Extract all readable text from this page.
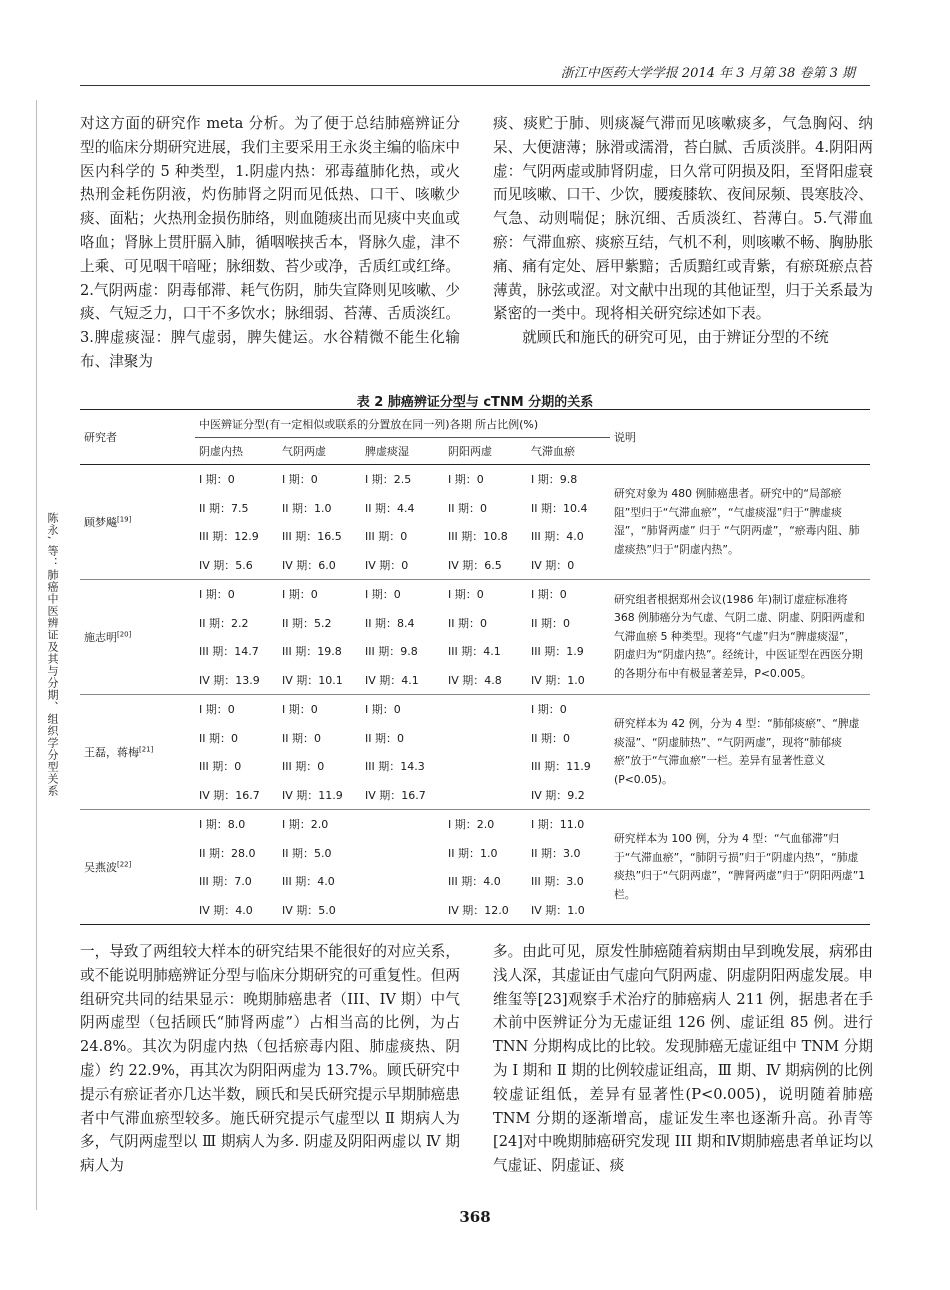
浙江中医药大学学报 2014 年 3 月第 38 卷第 3 期
陈永, 等：肺癌中医辨证及其与分期、组织学分型关系

对这方面的研究作 meta 分析。为了便于总结肺癌辨证分型的临床分期研究进展，我们主要采用王永炎主编的临床中医内科学的 5 种类型，1.阴虚内热：邪毒蕴肺化热，或火热刑金耗伤阴液，灼伤肺肾之阴而见低热、口干、咳嗽少痰、面粘；火热刑金损伤肺络，则血随痰出而见痰中夹血或咯血；肾脉上贯肝膈入肺，循咽喉挟舌本，肾脉久虚，津不上乘、可见咽干喑哑；脉细数、苔少或净，舌质红或红绛。2.气阴两虚：阴毒郁滞、耗气伤阴，肺失宣降则见咳嗽、少痰、气短乏力，口干不多饮水；脉细弱、苔薄、舌质淡红。3.脾虚痰湿：脾气虚弱，脾失健运。水谷精微不能生化输布、津聚为

痰、痰贮于肺、则痰凝气滞而见咳嗽痰多，气急胸闷、纳呆、大便溏薄；脉滑或濡滑，苔白腻、舌质淡胖。4.阴阳两虚：气阴两虚或肺肾阴虚，日久常可阴损及阳，至肾阳虚衰而见咳嗽、口干、少饮，腰痠膝软、夜间尿频、畏寒肢冷、气急、动则喘促；脉沉细、舌质淡红、苔薄白。5.气滞血瘀：气滞血瘀、痰瘀互结，气机不利，则咳嗽不畅、胸胁胀痛、痛有定处、唇甲紫黯；舌质黯红或青紫，有瘀斑瘀点苔薄黄，脉弦或涩。对文献中出现的其他证型，归于关系最为紧密的一类中。现将相关研究综述如下表。

就顾氏和施氏的研究可见，由于辨证分型的不统

表 2 肺癌辨证分型与 cTNM 分期的关系
研究者	中医辨证分型(有一定相似或联系的分置放在同一列)各期 所占比例(%)					说明
	阴虚内热	气阴两虚	脾虚痰湿	阴阳两虚	气滞血瘀	
顾梦飚[19]	I 期：0	I 期：0	I 期：2.5	I 期：0	I 期：9.8	研究对象为 480 例肺癌患者。研究中的“局部瘀阻”型归于“气滞血瘀”，“气虚痰湿”归于“脾虚痰湿”，“肺肾两虚” 归于 “气阴两虚”，“瘀毒内阻、肺虚痰热”归于“阴虚内热”。
	II 期：7.5	II 期：1.0	II 期：4.4	II 期：0	II 期：10.4	
	III 期：12.9	III 期：16.5	III 期：0	III 期：10.8	III 期：4.0	
	IV 期：5.6	IV 期：6.0	IV 期：0	IV 期：6.5	IV 期：0	
施志明[20]	I 期：0	I 期：0	I 期：0	I 期：0	I 期：0	研究组者根据郑州会议(1986 年)制订虚症标准将 368 例肺癌分为气虚、气阴二虚、阴虚、阴阳两虚和气滞血瘀 5 种类型。现将“气虚”归为“脾虚痰湿”，阴虚归为“阴虚内热”。经统计，中医证型在西医分期的各期分布中有极显著差异，P<0.005。
	II 期：2.2	II 期：5.2	II 期：8.4	II 期：0	II 期：0	
	III 期：14.7	III 期：19.8	III 期：9.8	III 期：4.1	III 期：1.9	
	IV 期：13.9	IV 期：10.1	IV 期：4.1	IV 期：4.8	IV 期：1.0	
王磊，蒋梅[21]	I 期：0	I 期：0	I 期：0		I 期：0	研究样本为 42 例，分为 4 型：“肺郁痰瘀”、“脾虚痰湿”、“阴虚肺热”、“气阴两虚”，现将“肺郁痰瘀”放于“气滞血瘀”一栏。差异有显著性意义(P<0.05)。
	II 期：0	II 期：0	II 期：0		II 期：0	
	III 期：0	III 期：0	III 期：14.3		III 期：11.9	
	IV 期：16.7	IV 期：11.9	IV 期：16.7		IV 期：9.2	
吴燕波[22]	I 期：8.0	I 期：2.0		I 期：2.0	I 期：11.0	研究样本为 100 例，分为 4 型：“气血郁滞”归于“气滞血瘀”，“肺阴亏损”归于“阴虚内热”，“肺虚痰热”归于“气阴两虚”，“脾肾两虚”归于“阴阳两虚”1 栏。
	II 期：28.0	II 期：5.0		II 期：1.0	II 期：3.0	
	III 期：7.0	III 期：4.0		III 期：4.0	III 期：3.0	
	IV 期：4.0	IV 期：5.0		IV 期：12.0	IV 期：1.0	

一，导致了两组较大样本的研究结果不能很好的对应关系，或不能说明肺癌辨证分型与临床分期研究的可重复性。但两组研究共同的结果显示：晚期肺癌患者（III、IV 期）中气阴两虚型（包括顾氏“肺肾两虚”）占相当高的比例，为占 24.8%。其次为阴虚内热（包括瘀毒内阻、肺虚痰热、阴虚）约 22.9%，再其次为阴阳两虚为 13.7%。顾氏研究中提示有瘀证者亦几达半数，顾氏和吴氏研究提示早期肺癌患者中气滞血瘀型较多。施氏研究提示气虚型以 Ⅱ 期病人为多，气阴两虚型以 Ⅲ 期病人为多. 阴虚及阴阳两虚以 Ⅳ 期病人为

多。由此可见，原发性肺癌随着病期由早到晚发展，病邪由浅人深，其虚证由气虚向气阴两虚、阴虚阴阳两虚发展。申维玺等[23]观察手术治疗的肺癌病人 211 例，据患者在手术前中医辨证分为无虚证组 126 例、虚证组 85 例。进行 TNN 分期构成比的比较。发现肺癌无虚证组中 TNM 分期为 I 期和 Ⅱ 期的比例较虚证组高，Ⅲ 期、Ⅳ 期病例的比例较虚证组低，差异有显著性(P<0.005)，说明随着肺癌 TNM 分期的逐渐增高，虚证发生率也逐渐升高。孙青等[24]对中晚期肺癌研究发现 III 期和Ⅳ期肺癌患者单证均以气虚证、阴虚证、痰

368
